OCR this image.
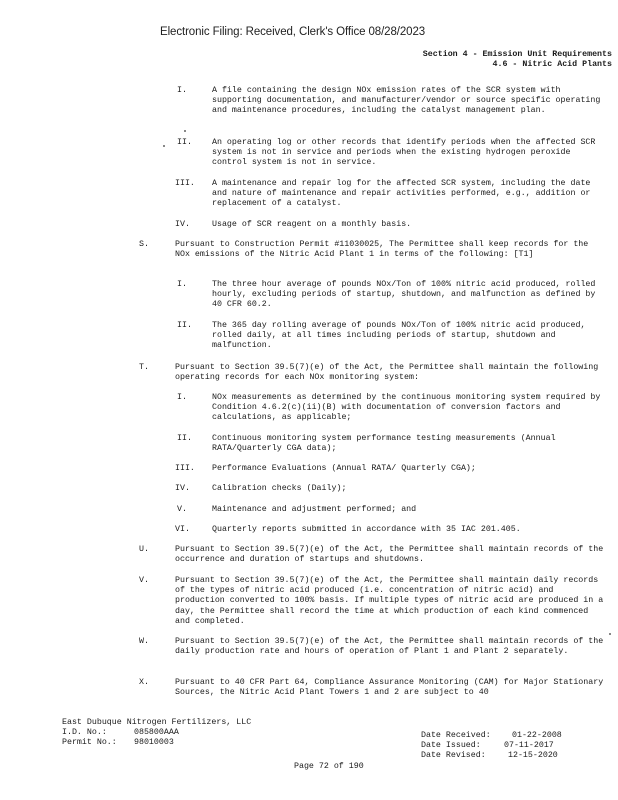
Electronic Filing: Received, Clerk's Office 08/28/2023
Section 4 - Emission Unit Requirements
4.6 - Nitric Acid Plants
I.	A file containing the design NOx emission rates of the SCR system with supporting documentation, and manufacturer/vendor or source specific operating and maintenance procedures, including the catalyst management plan.
II. An operating log or other records that identify periods when the affected SCR system is not in service and periods when the existing hydrogen peroxide control system is not in service.
III. A maintenance and repair log for the affected SCR system, including the date and nature of maintenance and repair activities performed, e.g., addition or replacement of a catalyst.
IV.	Usage of SCR reagent on a monthly basis.
S.	Pursuant to Construction Permit #11030025, The Permittee shall keep records for the NOx emissions of the Nitric Acid Plant 1 in terms of the following: [T1]
I.	The three hour average of pounds NOx/Ton of 100% nitric acid produced, rolled hourly, excluding periods of startup, shutdown, and malfunction as defined by 40 CFR 60.2.
II. The 365 day rolling average of pounds NOx/Ton of 100% nitric acid produced, rolled daily, at all times including periods of startup, shutdown and malfunction.
T.	Pursuant to Section 39.5(7)(e) of the Act, the Permittee shall maintain the following operating records for each NOx monitoring system:
I.	NOx measurements as determined by the continuous monitoring system required by Condition 4.6.2(c)(ii)(B) with documentation of conversion factors and calculations, as applicable;
II. Continuous monitoring system performance testing measurements (Annual RATA/Quarterly CGA data);
III. Performance Evaluations (Annual RATA/ Quarterly CGA);
IV.	Calibration checks (Daily);
V.	Maintenance and adjustment performed; and
VI.	Quarterly reports submitted in accordance with 35 IAC 201.405.
U.	Pursuant to Section 39.5(7)(e) of the Act, the Permittee shall maintain records of the occurrence and duration of startups and shutdowns.
V.	Pursuant to Section 39.5(7)(e) of the Act, the Permittee shall maintain daily records of the types of nitric acid produced (i.e. concentration of nitric acid) and production converted to 100% basis. If multiple types of nitric acid are produced in a day, the Permittee shall record the time at which production of each kind commenced and completed.
W.	Pursuant to Section 39.5(7)(e) of the Act, the Permittee shall maintain records of the daily production rate and hours of operation of Plant 1 and Plant 2 separately.
X.	Pursuant to 40 CFR Part 64, Compliance Assurance Monitoring (CAM) for Major Stationary Sources, the Nitric Acid Plant Towers 1 and 2 are subject to 40
East Dubuque Nitrogen Fertilizers, LLC
I.D. No.:	085800AAA
Permit No.: 98010003
Date Received:	01-22-2008
Date Issued:	07-11-2017
Date Revised:	12-15-2020
Page 72 of 190
